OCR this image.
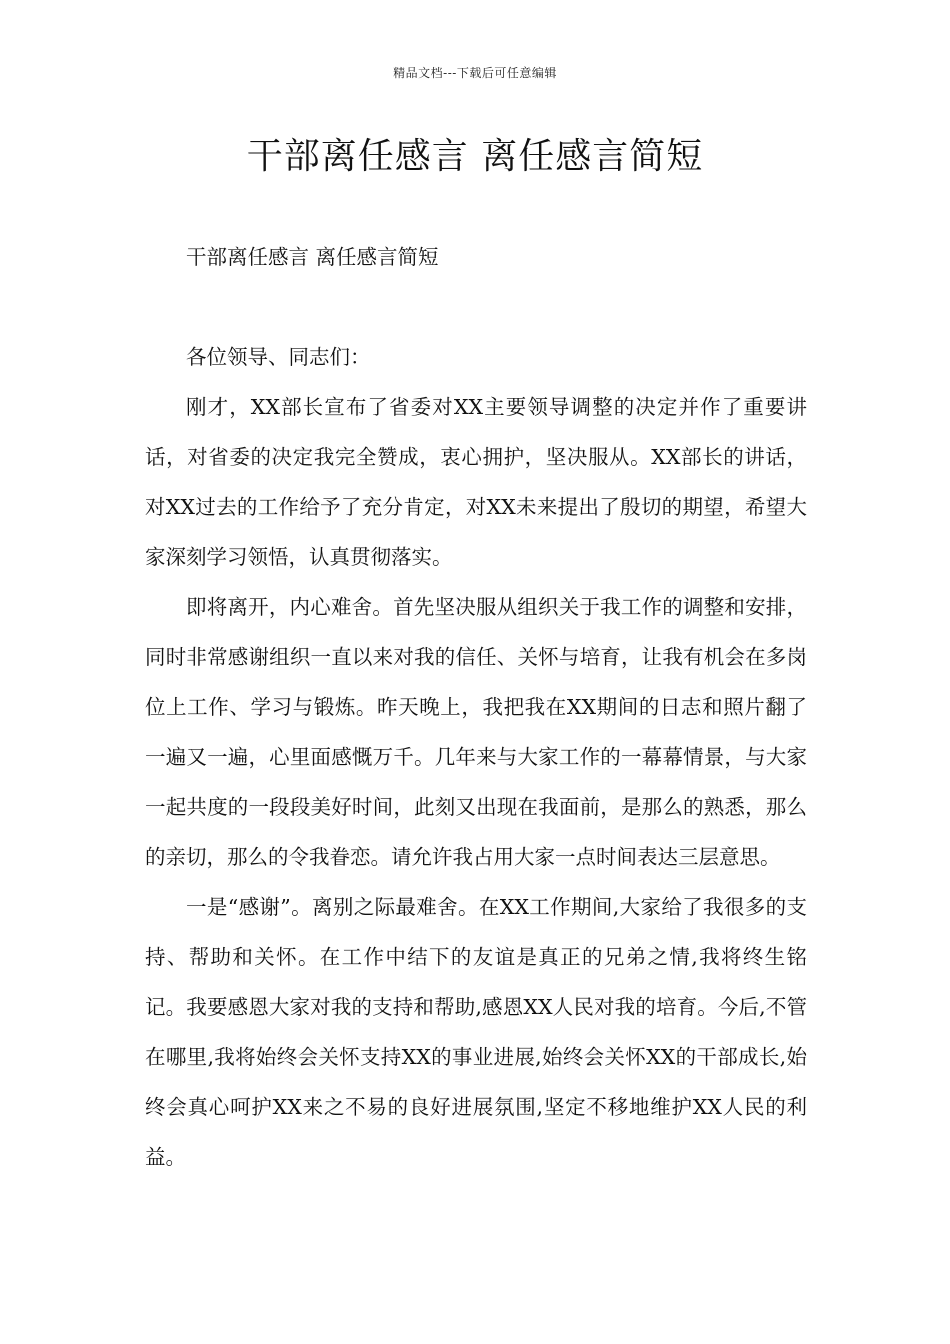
精品文档---下载后可任意编辑
干部离任感言 离任感言简短

干部离任感言 离任感言简短

各位领导、同志们：

刚才，XX部长宣布了省委对XX主要领导调整的决定并作了重要讲话，对省委的决定我完全赞成，衷心拥护，坚决服从。XX部长的讲话，对XX过去的工作给予了充分肯定，对XX未来提出了殷切的期望，希望大家深刻学习领悟，认真贯彻落实。

即将离开，内心难舍。首先坚决服从组织关于我工作的调整和安排，同时非常感谢组织一直以来对我的信任、关怀与培育，让我有机会在多岗位上工作、学习与锻炼。昨天晚上，我把我在XX期间的日志和照片翻了一遍又一遍，心里面感慨万千。几年来与大家工作的一幕幕情景，与大家一起共度的一段段美好时间，此刻又出现在我面前，是那么的熟悉，那么的亲切，那么的令我眷恋。请允许我占用大家一点时间表达三层意思。

一是“感谢”。离别之际最难舍。在XX工作期间,大家给了我很多的支持、帮助和关怀。在工作中结下的友谊是真正的兄弟之情,我将终生铭记。我要感恩大家对我的支持和帮助,感恩XX人民对我的培育。今后,不管在哪里,我将始终会关怀支持XX的事业进展,始终会关怀XX的干部成长,始终会真心呵护XX来之不易的良好进展氛围,坚定不移地维护XX人民的利益。
